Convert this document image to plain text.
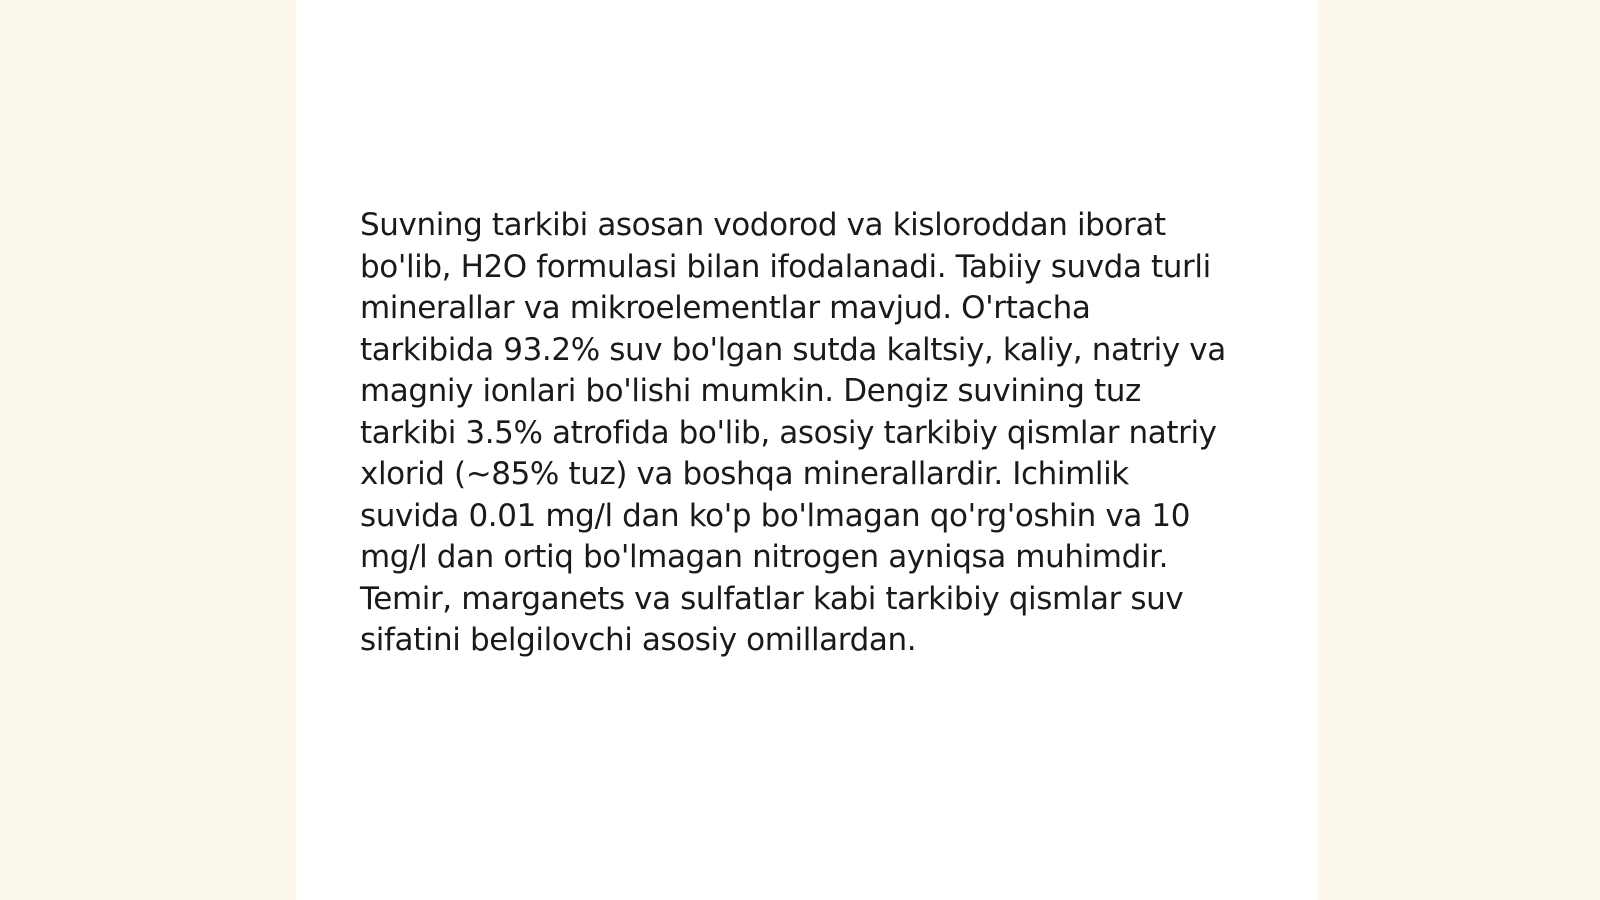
Suvning tarkibi asosan vodorod va kisloroddan iborat bo'lib, H2O formulasi bilan ifodalanadi. Tabiiy suvda turli minerallar va mikroelementlar mavjud. O'rtacha tarkibida 93.2% suv bo'lgan sutda kaltsiy, kaliy, natriy va magniy ionlari bo'lishi mumkin. Dengiz suvining tuz tarkibi 3.5% atrofida bo'lib, asosiy tarkibiy qismlar natriy xlorid (~85% tuz) va boshqa minerallardir. Ichimlik suvida 0.01 mg/l dan ko'p bo'lmagan qo'rg'oshin va 10 mg/l dan ortiq bo'lmagan nitrogen ayniqsa muhimdir. Temir, marganets va sulfatlar kabi tarkibiy qismlar suv sifatini belgilovchi asosiy omillardan.
